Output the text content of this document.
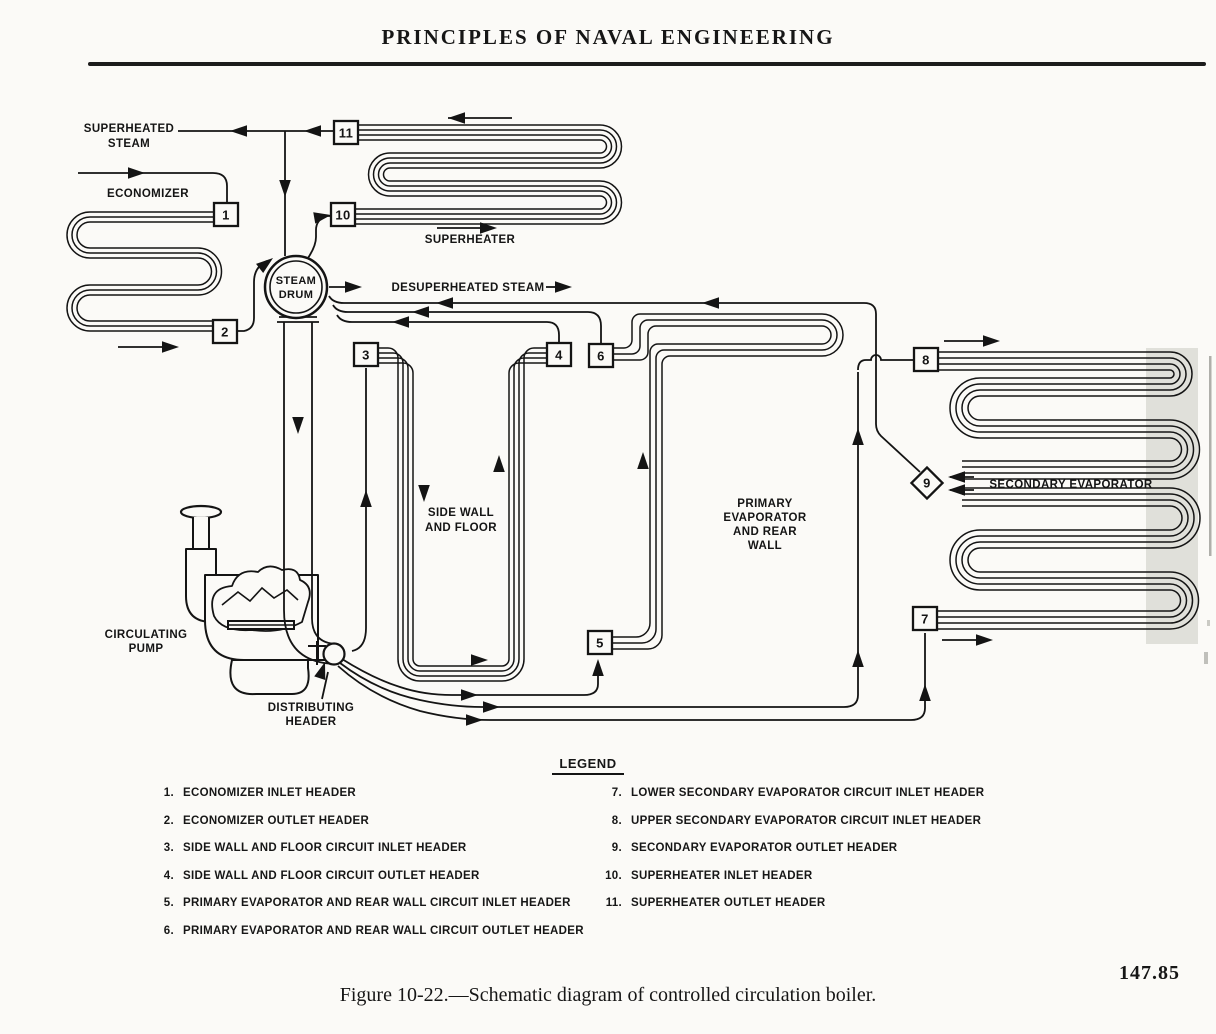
PRINCIPLES OF NAVAL ENGINEERING
1
2
3	4
5
6
7
8
9
10
11
STEAM
DRUM
SUPERHEATED
STEAM
ECONOMIZER
SUPERHEATER
DESUPERHEATED STEAM
SIDE WALL
AND FLOOR
PRIMARY
EVAPORATOR
AND REAR
WALL
SECONDARY EVAPORATOR
CIRCULATING
PUMP
DISTRIBUTING
HEADER
LEGEND
1. ECONOMIZER INLET HEADER
2. ECONOMIZER OUTLET HEADER
3. SIDE WALL AND FLOOR CIRCUIT INLET HEADER
4. SIDE WALL AND FLOOR CIRCUIT OUTLET HEADER
5. PRIMARY EVAPORATOR AND REAR WALL CIRCUIT INLET HEADER
6. PRIMARY EVAPORATOR AND REAR WALL CIRCUIT OUTLET HEADER
7. LOWER SECONDARY EVAPORATOR CIRCUIT INLET HEADER
8. UPPER SECONDARY EVAPORATOR CIRCUIT INLET HEADER
9. SECONDARY EVAPORATOR OUTLET HEADER
10. SUPERHEATER INLET HEADER
11. SUPERHEATER OUTLET HEADER
147.85
Figure 10-22.—Schematic diagram of controlled circulation boiler.
